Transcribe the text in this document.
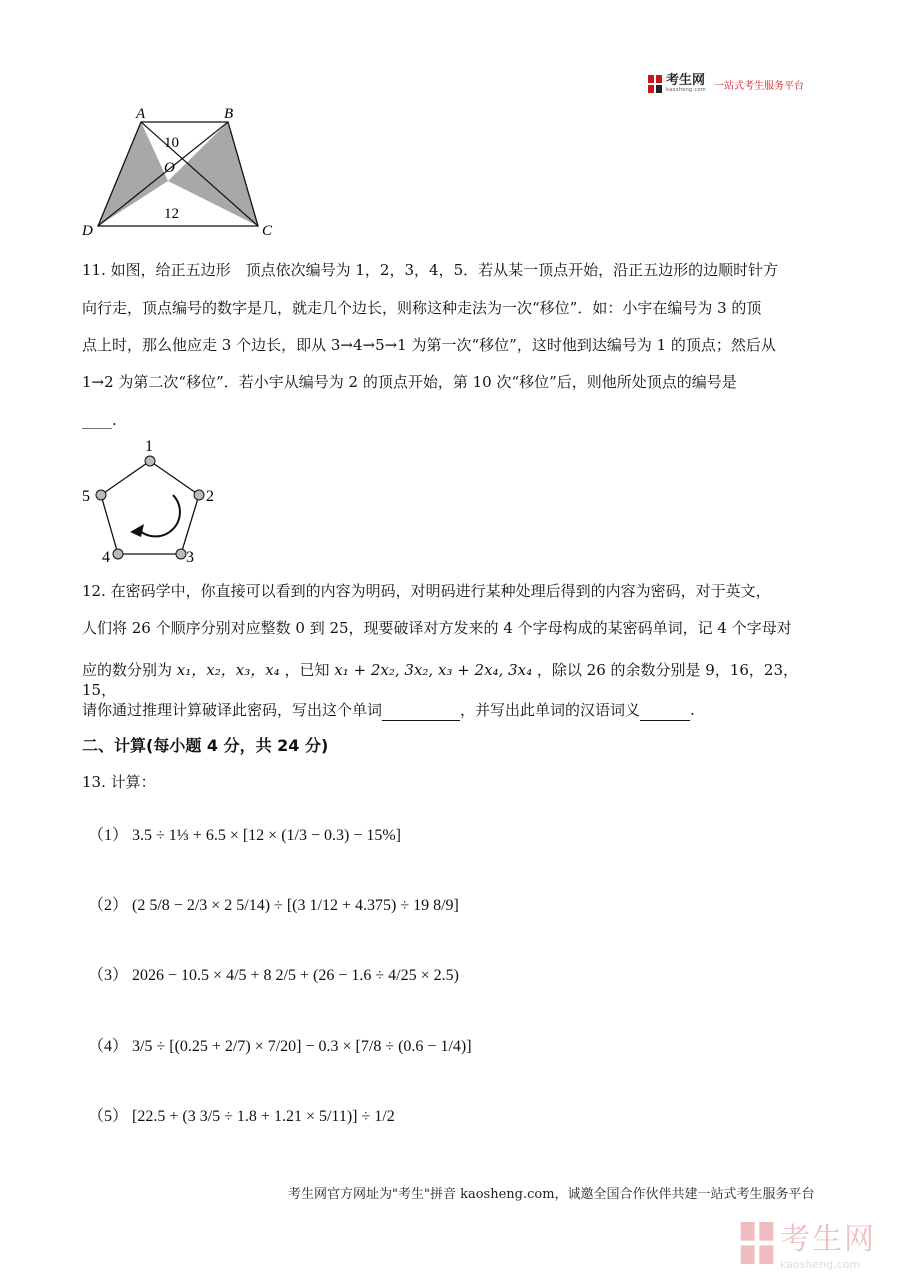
考生网
kaosheng.com 一站式考生服务平台
A	B
C
D
O
10
12
11. 如图，给正五边形　顶点依次编号为 1，2，3，4，5．若从某一顶点开始，沿正五边形的边顺时针方
向行走，顶点编号的数字是几，就走几个边长，则称这种走法为一次“移位”．如：小宇在编号为 3 的顶
点上时，那么他应走 3 个边长，即从 3→4→5→1 为第一次“移位”，这时他到达编号为 1 的顶点；然后从
1→2 为第二次“移位”．若小宇从编号为 2 的顶点开始，第 10 次“移位”后，则他所处顶点的编号是
____.
1
2
3
4
5
12. 在密码学中，你直接可以看到的内容为明码，对明码进行某种处理后得到的内容为密码，对于英文，
人们将 26 个顺序分别对应整数 0 到 25，现要破译对方发来的 4 个字母构成的某密码单词，记 4 个字母对
应的数分别为 x₁，x₂，x₃，x₄ ，已知 x₁ + 2x₂, 3x₂, x₃ + 2x₄, 3x₄ ，除以 26 的余数分别是 9，16，23，15，
请你通过推理计算破译此密码，写出这个单词	，并写出此单词的汉语词义	.
二、计算(每小题 4 分，共 24 分)
13. 计算：
（1） 3.5 ÷ 1⅓ + 6.5 × [12 × (1/3 − 0.3) − 15%]
（2） (2 5/8 − 2/3 × 2 5/14) ÷ [(3 1/12 + 4.375) ÷ 19 8/9]
（3） 2026 − 10.5 × 4/5 + 8 2/5 + (26 − 1.6 ÷ 4/25 × 2.5)
（4） 3/5 ÷ [(0.25 + 2/7) × 7/20] − 0.3 × [7/8 ÷ (0.6 − 1/4)]
（5） [22.5 + (3 3/5 ÷ 1.8 + 1.21 × 5/11)] ÷ 1/2
考生网官方网址为"考生"拼音 kaosheng.com，诚邀全国合作伙伴共建一站式考生服务平台
考生网
kaosheng.com
